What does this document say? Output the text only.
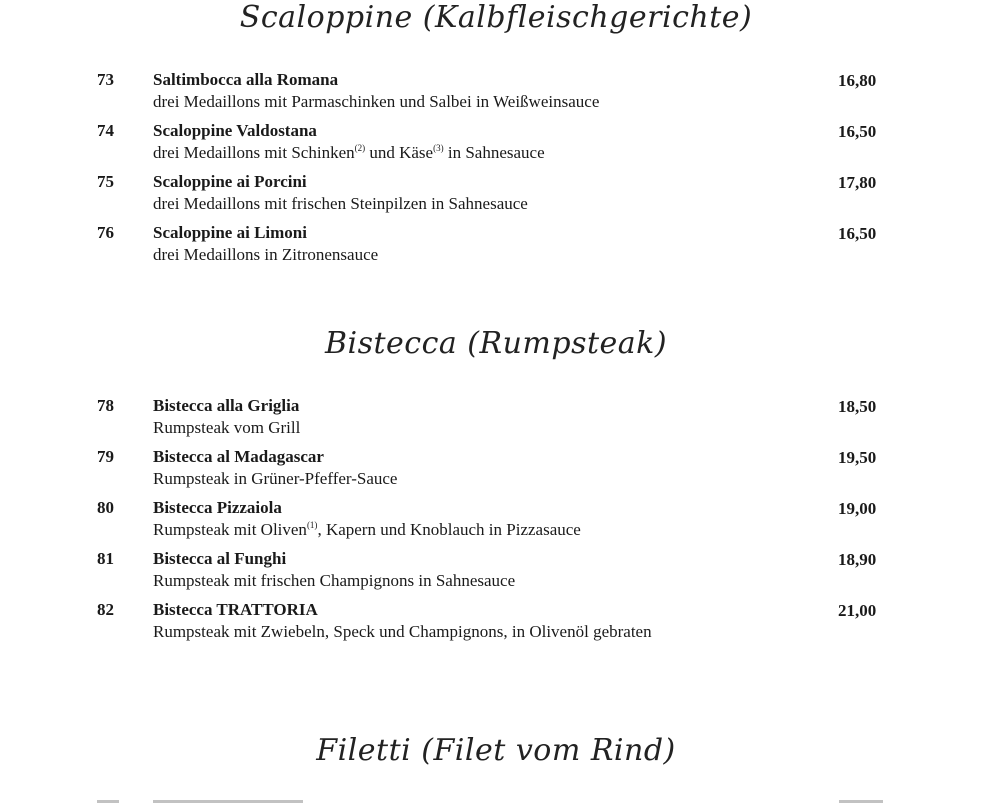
Scaloppine (Kalbfleischgerichte)
73 Saltimbocca alla Romana	16,80
drei Medaillons mit Parmaschinken und Salbei in Weißweinsauce
74 Scaloppine Valdostana	16,50
drei Medaillons mit Schinken$^{(2)}$ und Käse$^{(3)}$ in Sahnesauce
75 Scaloppine ai Porcini	17,80
drei Medaillons mit frischen Steinpilzen in Sahnesauce
76 Scaloppine ai Limoni	16,50
drei Medaillons in Zitronensauce
Bistecca (Rumpsteak)
78 Bistecca alla Griglia	18,50
Rumpsteak vom Grill
79 Bistecca al Madagascar	19,50
Rumpsteak in Grüner-Pfeffer-Sauce
80 Bistecca Pizzaiola	19,00
Rumpsteak mit Oliven$^{(1)}$, Kapern und Knoblauch in Pizzasauce
81 Bistecca al Funghi	18,90
Rumpsteak mit frischen Champignons in Sahnesauce
82 Bistecca TRATTORIA	21,00
Rumpsteak mit Zwiebeln, Speck und Champignons, in Olivenöl gebraten
Filetti (Filet vom Rind)
